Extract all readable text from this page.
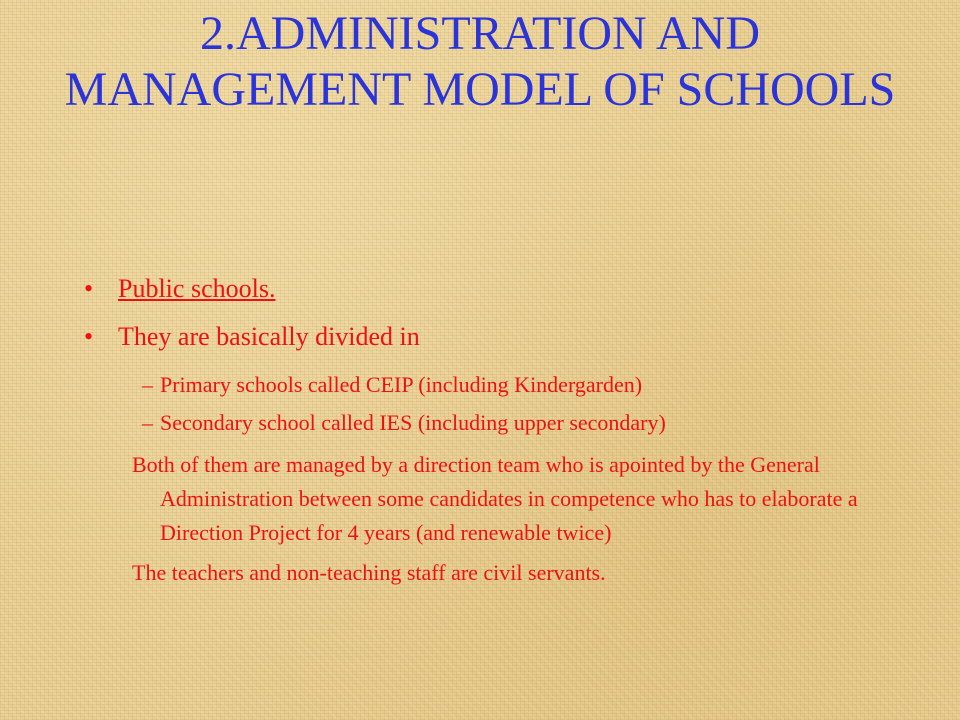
2.ADMINISTRATION AND MANAGEMENT MODEL OF SCHOOLS
• Public schools.
• They are basically divided in
– Primary schools called CEIP (including Kindergarden)
– Secondary school called IES (including upper secondary)
Both of them are managed by a direction team who is apointed by the General Administration between some candidates in competence who has to elaborate a Direction Project for 4 years (and renewable twice)
The teachers and non-teaching staff are civil servants.
